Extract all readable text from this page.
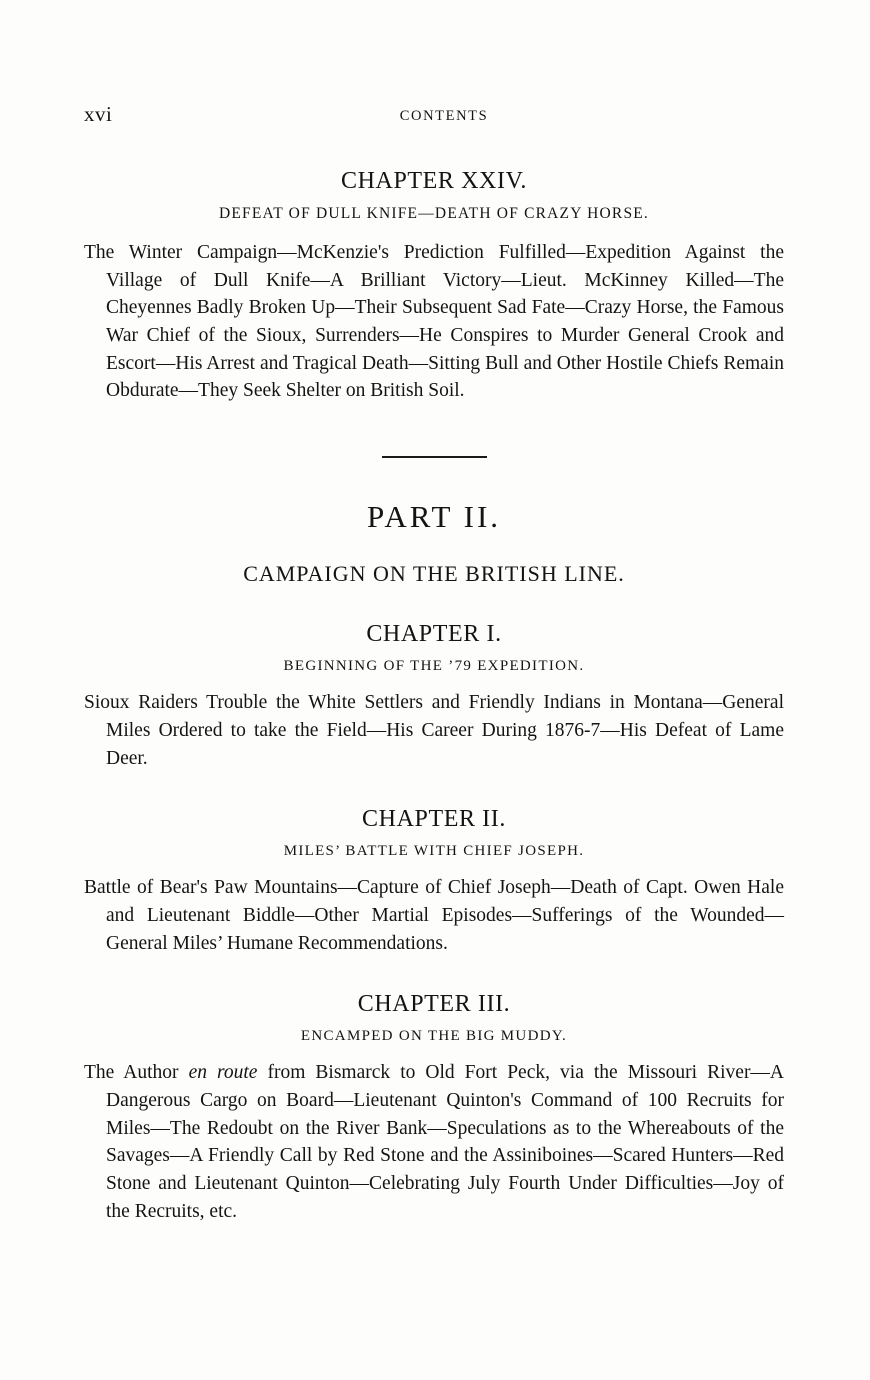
xvi	CONTENTS
CHAPTER XXIV.
DEFEAT OF DULL KNIFE—DEATH OF CRAZY HORSE.
The Winter Campaign—McKenzie's Prediction Fulfilled—Expedition Against the Village of Dull Knife—A Brilliant Victory—Lieut. McKinney Killed—The Cheyennes Badly Broken Up—Their Subsequent Sad Fate—Crazy Horse, the Famous War Chief of the Sioux, Surrenders—He Conspires to Murder General Crook and Escort—His Arrest and Tragical Death—Sitting Bull and Other Hostile Chiefs Remain Obdurate—They Seek Shelter on British Soil.
PART II.
CAMPAIGN ON THE BRITISH LINE.
CHAPTER I.
BEGINNING OF THE ’79 EXPEDITION.
Sioux Raiders Trouble the White Settlers and Friendly Indians in Montana—General Miles Ordered to take the Field—His Career During 1876-7—His Defeat of Lame Deer.
CHAPTER II.
MILES’ BATTLE WITH CHIEF JOSEPH.
Battle of Bear's Paw Mountains—Capture of Chief Joseph—Death of Capt. Owen Hale and Lieutenant Biddle—Other Martial Episodes—Sufferings of the Wounded—General Miles’ Humane Recommendations.
CHAPTER III.
ENCAMPED ON THE BIG MUDDY.
The Author en route from Bismarck to Old Fort Peck, via the Missouri River—A Dangerous Cargo on Board—Lieutenant Quinton's Command of 100 Recruits for Miles—The Redoubt on the River Bank—Speculations as to the Whereabouts of the Savages—A Friendly Call by Red Stone and the Assiniboines—Scared Hunters—Red Stone and Lieutenant Quinton—Celebrating July Fourth Under Difficulties—Joy of the Recruits, etc.
